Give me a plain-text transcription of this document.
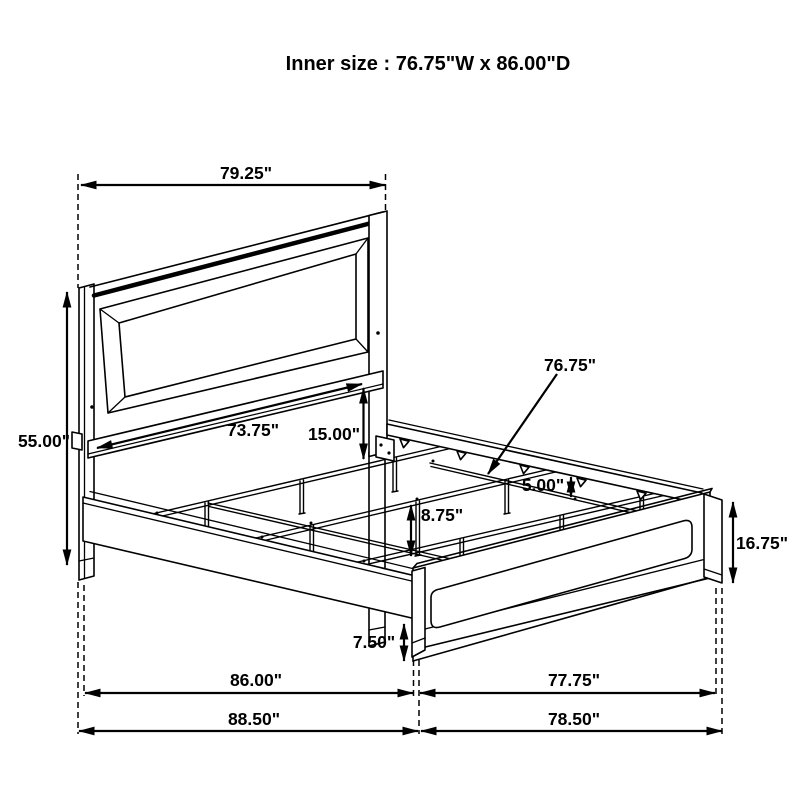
Inner size : 76.75"W x 86.00"D
79.25"
55.00"
73.75" 15.00"
76.75"
5.00"
8.75"
16.75"
7.50"
86.00"	77.75"
88.50"	78.50"
